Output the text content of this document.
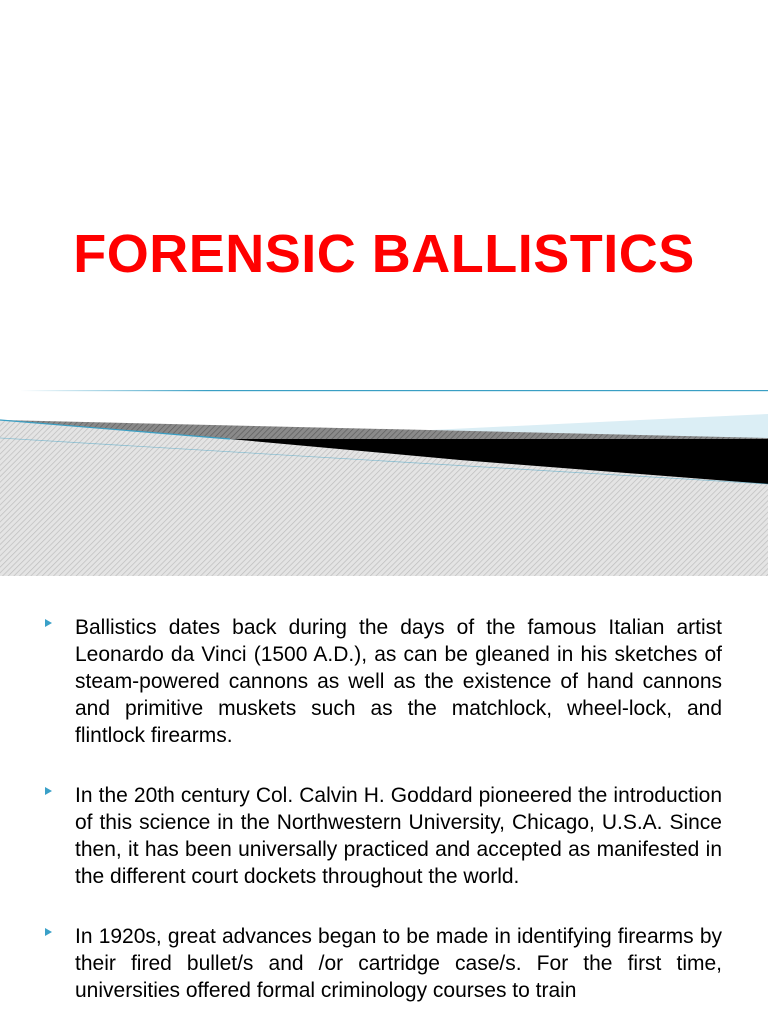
FORENSIC BALLISTICS
Ballistics dates back during the days of the famous Italian artist Leonardo da Vinci (1500 A.D.), as can be gleaned in his sketches of steam-powered cannons as well as the existence of hand cannons and primitive muskets such as the matchlock, wheel-lock, and flintlock firearms.
In the 20th century Col. Calvin H. Goddard pioneered the introduction of this science in the Northwestern University, Chicago, U.S.A. Since then, it has been universally practiced and accepted as manifested in the different court dockets throughout the world.
In 1920s, great advances began to be made in identifying firearms by their fired bullet/s and /or cartridge case/s. For the first time, universities offered formal criminology courses to train
